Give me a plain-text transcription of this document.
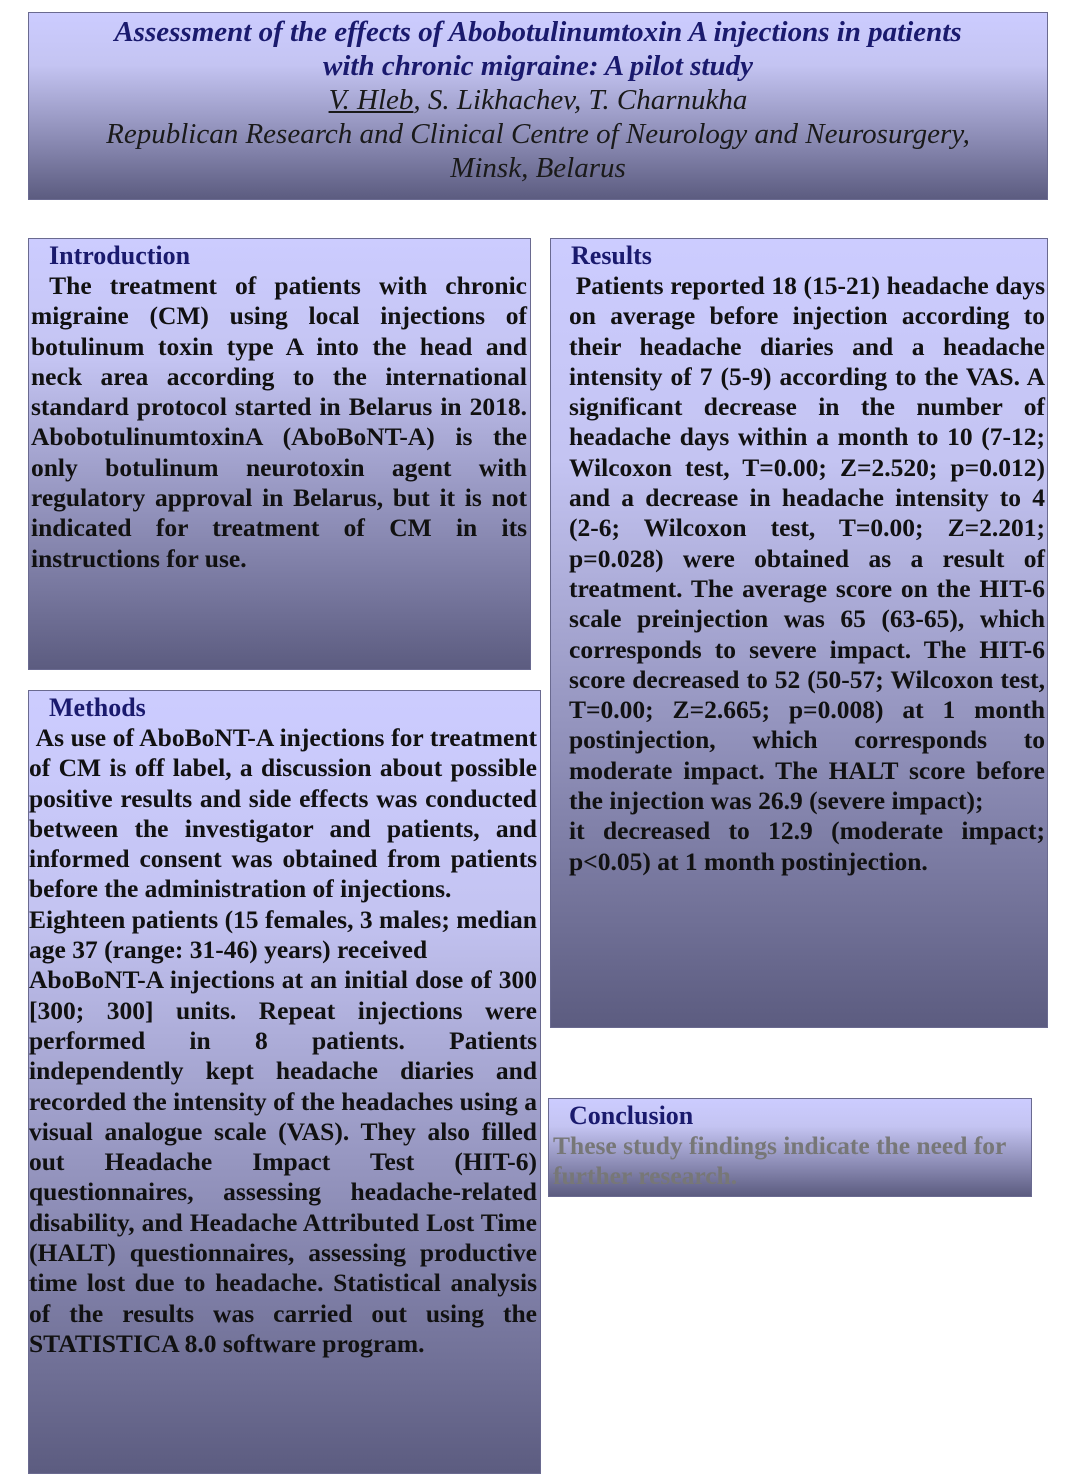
Assessment of the effects of Abobotulinumtoxin A injections in patients
with chronic migraine: A pilot study
V. Hleb, S. Likhachev, T. Charnukha
Republican Research and Clinical Centre of Neurology and Neurosurgery,
Minsk, Belarus
Introduction

The treatment of patients with chronic migraine (CM) using local injections of botulinum toxin type A into the head and neck area according to the international standard protocol started in Belarus in 2018. AbobotulinumtoxinA (AboBoNT-A) is the only botulinum neurotoxin agent with regulatory approval in Belarus, but it is not indicated for treatment of CM in its instructions for use.

Methods

As use of AboBoNT-A injections for treatment of CM is off label, a discussion about possible positive results and side effects was conducted between the investigator and patients, and informed consent was obtained from patients before the administration of injections.

Eighteen patients (15 females, 3 males; median age 37 (range: 31-46) years) received

AboBoNT-A injections at an initial dose of 300 [300; 300] units. Repeat injections were performed in 8 patients. Patients independently kept headache diaries and recorded the intensity of the headaches using a visual analogue scale (VAS). They also filled out Headache Impact Test (HIT-6) questionnaires, assessing headache-related disability, and Headache Attributed Lost Time (HALT) questionnaires, assessing productive time lost due to headache. Statistical analysis of the results was carried out using the STATISTICA 8.0 software program.

Results

Patients reported 18 (15-21) headache days on average before injection according to their headache diaries and a headache intensity of 7 (5-9) according to the VAS. A significant decrease in the number of headache days within a month to 10 (7-12; Wilcoxon test, T=0.00; Z=2.520; p=0.012) and a decrease in headache intensity to 4 (2-6; Wilcoxon test, T=0.00; Z=2.201; p=0.028) were obtained as a result of treatment. The average score on the HIT-6 scale preinjection was 65 (63-65), which corresponds to severe impact. The HIT-6 score decreased to 52 (50-57; Wilcoxon test, T=0.00; Z=2.665; p=0.008) at 1 month postinjection, which corresponds to moderate impact. The HALT score before the injection was 26.9 (severe impact);

it decreased to 12.9 (moderate impact; p<0.05) at 1 month postinjection.

Conclusion

These study findings indicate the need for further research.
